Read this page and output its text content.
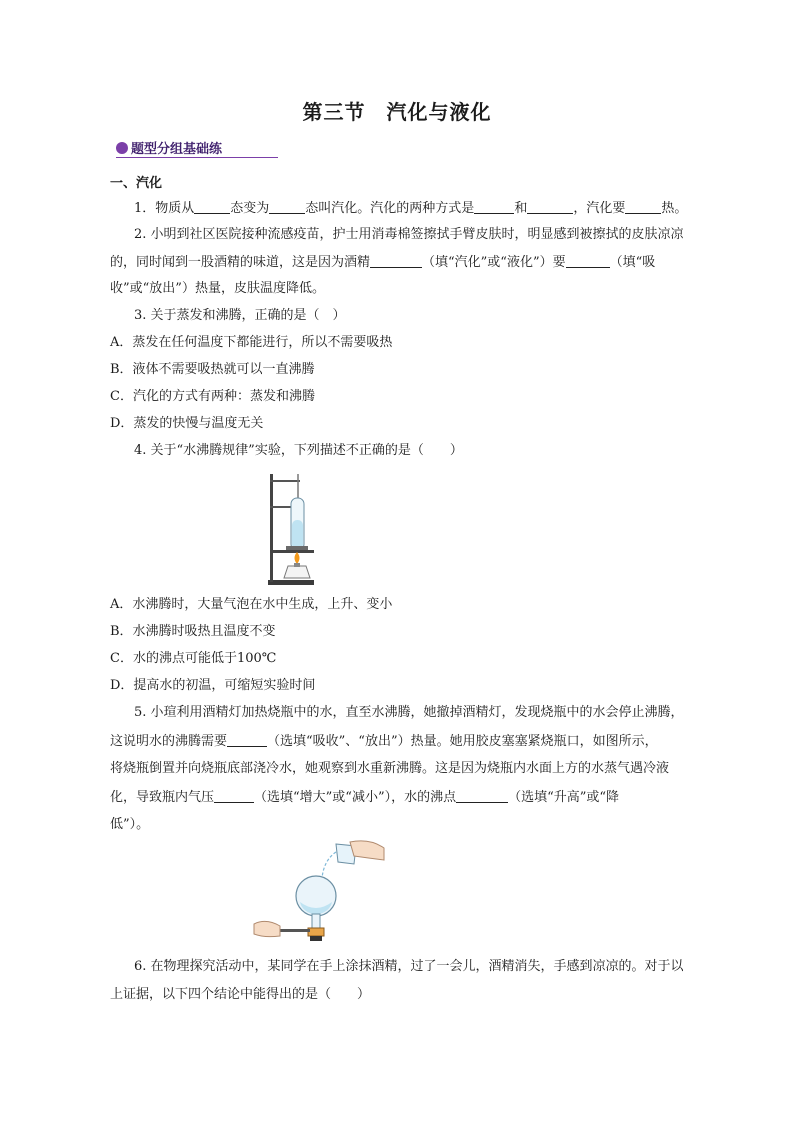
第三节　汽化与液化
题型分组基础练
一、汽化
1．物质从	态变为	态叫汽化。汽化的两种方式是	和	，汽化要	热。
2. 小明到社区医院接种流感疫苗，护士用消毒棉签擦拭手臂皮肤时，明显感到被擦拭的皮肤凉凉
的，同时闻到一股酒精的味道，这是因为酒精	（填“汽化”或“液化”）要	（填“吸
收”或“放出”）热量，皮肤温度降低。
3. 关于蒸发和沸腾，正确的是（　）
A．蒸发在任何温度下都能进行，所以不需要吸热
B．液体不需要吸热就可以一直沸腾
C．汽化的方式有两种：蒸发和沸腾
D．蒸发的快慢与温度无关
4. 关于“水沸腾规律”实验，下列描述不正确的是（　　）
A．水沸腾时，大量气泡在水中生成，上升、变小
B．水沸腾时吸热且温度不变
C．水的沸点可能低于100℃
D．提高水的初温，可缩短实验时间
5. 小瑄利用酒精灯加热烧瓶中的水，直至水沸腾，她撤掉酒精灯，发现烧瓶中的水会停止沸腾，
这说明水的沸腾需要	（选填“吸收”、“放出”）热量。她用胶皮塞塞紧烧瓶口，如图所示，
将烧瓶倒置并向烧瓶底部浇冷水，她观察到水重新沸腾。这是因为烧瓶内水面上方的水蒸气遇冷液
化，导致瓶内气压	（选填“增大”或“减小”），水的沸点	（选填“升高”或“降
低”）。
6. 在物理探究活动中，某同学在手上涂抹酒精，过了一会儿，酒精消失，手感到凉凉的。对于以
上证据，以下四个结论中能得出的是（　　）
